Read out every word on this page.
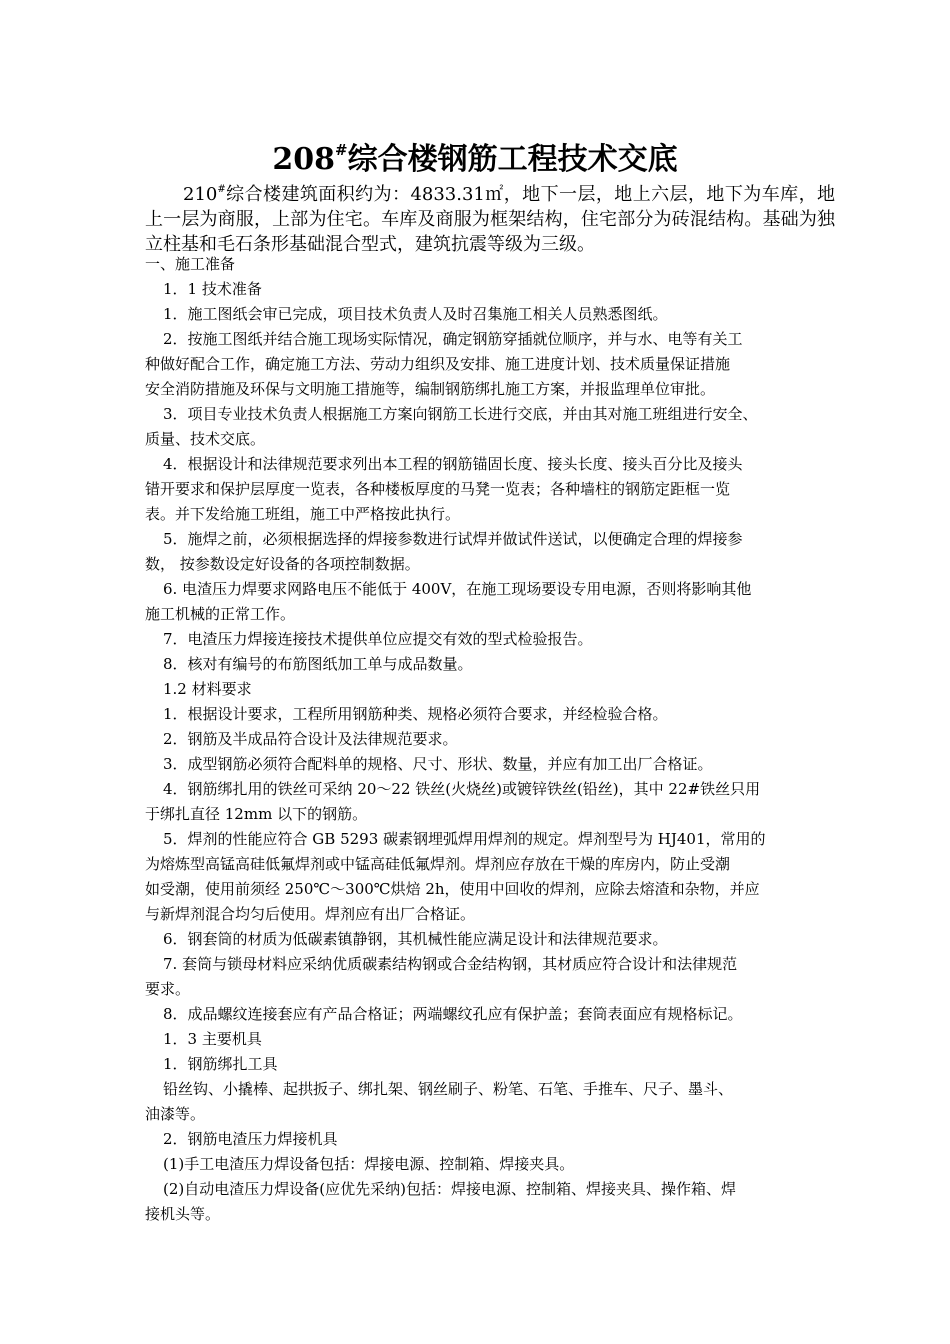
208#综合楼钢筋工程技术交底
210#综合楼建筑面积约为：4833.31㎡，地下一层，地上六层，地下为车库，地上一层为商服，上部为住宅。车库及商服为框架结构，住宅部分为砖混结构。基础为独立柱基和毛石条形基础混合型式，建筑抗震等级为三级。
一、施工准备
1．1 技术准备
1．施工图纸会审已完成，项目技术负责人及时召集施工相关人员熟悉图纸。
2．按施工图纸并结合施工现场实际情况，确定钢筋穿插就位顺序，并与水、电等有关工
种做好配合工作，确定施工方法、劳动力组织及安排、施工进度计划、技术质量保证措施
安全消防措施及环保与文明施工措施等，编制钢筋绑扎施工方案，并报监理单位审批。
3．项目专业技术负责人根据施工方案向钢筋工长进行交底，并由其对施工班组进行安全、
质量、技术交底。
4．根据设计和法律规范要求列出本工程的钢筋锚固长度、接头长度、接头百分比及接头
错开要求和保护层厚度一览表，各种楼板厚度的马凳一览表；各种墙柱的钢筋定距框一览
表。并下发给施工班组，施工中严格按此执行。
5．施焊之前，必须根据选择的焊接参数进行试焊并做试件送试，以便确定合理的焊接参
数， 按参数设定好设备的各项控制数据。
6. 电渣压力焊要求网路电压不能低于 400V，在施工现场要设专用电源，否则将影响其他
施工机械的正常工作。
7．电渣压力焊接连接技术提供单位应提交有效的型式检验报告。
8．核对有编号的布筋图纸加工单与成品数量。
1.2 材料要求
1．根据设计要求，工程所用钢筋种类、规格必须符合要求，并经检验合格。
2．钢筋及半成品符合设计及法律规范要求。
3．成型钢筋必须符合配料单的规格、尺寸、形状、数量，并应有加工出厂合格证。
4．钢筋绑扎用的铁丝可采纳 20～22 铁丝(火烧丝)或镀锌铁丝(铅丝)，其中 22#铁丝只用
于绑扎直径 12mm 以下的钢筋。
5．焊剂的性能应符合 GB 5293 碳素钢埋弧焊用焊剂的规定。焊剂型号为 HJ401，常用的
为熔炼型高锰高硅低氟焊剂或中锰高硅低氟焊剂。焊剂应存放在干燥的库房内，防止受潮
如受潮，使用前须经 250℃～300℃烘焙 2h，使用中回收的焊剂，应除去熔渣和杂物，并应
与新焊剂混合均匀后使用。焊剂应有出厂合格证。
6．钢套筒的材质为低碳素镇静钢，其机械性能应满足设计和法律规范要求。
7. 套筒与锁母材料应采纳优质碳素结构钢或合金结构钢，其材质应符合设计和法律规范
要求。
8．成品螺纹连接套应有产品合格证；两端螺纹孔应有保护盖；套筒表面应有规格标记。
1．3 主要机具
1．钢筋绑扎工具
铅丝钩、小撬棒、起拱扳子、绑扎架、钢丝刷子、粉笔、石笔、手推车、尺子、墨斗、
油漆等。
2．钢筋电渣压力焊接机具
(1)手工电渣压力焊设备包括：焊接电源、控制箱、焊接夹具。
(2)自动电渣压力焊设备(应优先采纳)包括：焊接电源、控制箱、焊接夹具、操作箱、焊
接机头等。
